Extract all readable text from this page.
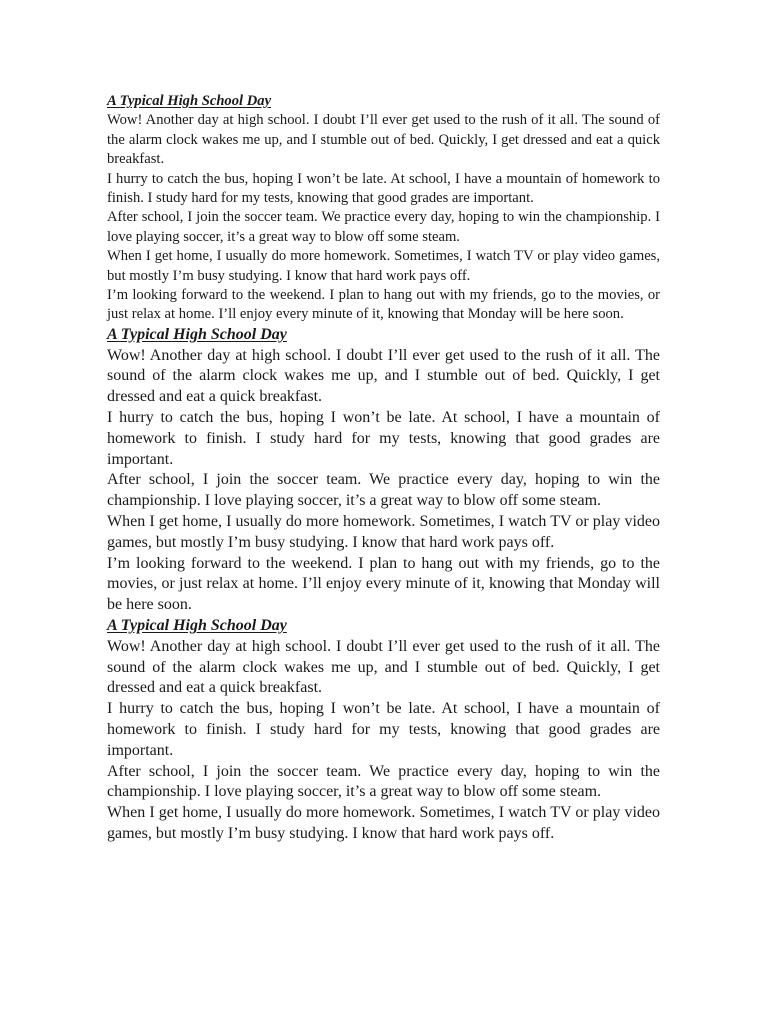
A Typical High School Day

Wow! Another day at high school. I doubt I’ll ever get used to the rush of it all. The sound of the alarm clock wakes me up, and I stumble out of bed. Quickly, I get dressed and eat a quick breakfast.

I hurry to catch the bus, hoping I won’t be late. At school, I have a mountain of homework to finish. I study hard for my tests, knowing that good grades are important.

After school, I join the soccer team. We practice every day, hoping to win the championship. I love playing soccer, it’s a great way to blow off some steam.

When I get home, I usually do more homework. Sometimes, I watch TV or play video games, but mostly I’m busy studying. I know that hard work pays off.

I’m looking forward to the weekend. I plan to hang out with my friends, go to the movies, or just relax at home. I’ll enjoy every minute of it, knowing that Monday will be here soon.

A Typical High School Day

Wow! Another day at high school. I doubt I’ll ever get used to the rush of it all. The sound of the alarm clock wakes me up, and I stumble out of bed. Quickly, I get dressed and eat a quick breakfast.

I hurry to catch the bus, hoping I won’t be late. At school, I have a mountain of homework to finish. I study hard for my tests, knowing that good grades are important.

After school, I join the soccer team. We practice every day, hoping to win the championship. I love playing soccer, it’s a great way to blow off some steam.

When I get home, I usually do more homework. Sometimes, I watch TV or play video games, but mostly I’m busy studying. I know that hard work pays off.

I’m looking forward to the weekend. I plan to hang out with my friends, go to the movies, or just relax at home. I’ll enjoy every minute of it, knowing that Monday will be here soon.

A Typical High School Day

Wow! Another day at high school. I doubt I’ll ever get used to the rush of it all. The sound of the alarm clock wakes me up, and I stumble out of bed. Quickly, I get dressed and eat a quick breakfast.

I hurry to catch the bus, hoping I won’t be late. At school, I have a mountain of homework to finish. I study hard for my tests, knowing that good grades are important.

After school, I join the soccer team. We practice every day, hoping to win the championship. I love playing soccer, it’s a great way to blow off some steam.

When I get home, I usually do more homework. Sometimes, I watch TV or play video games, but mostly I’m busy studying. I know that hard work pays off.
